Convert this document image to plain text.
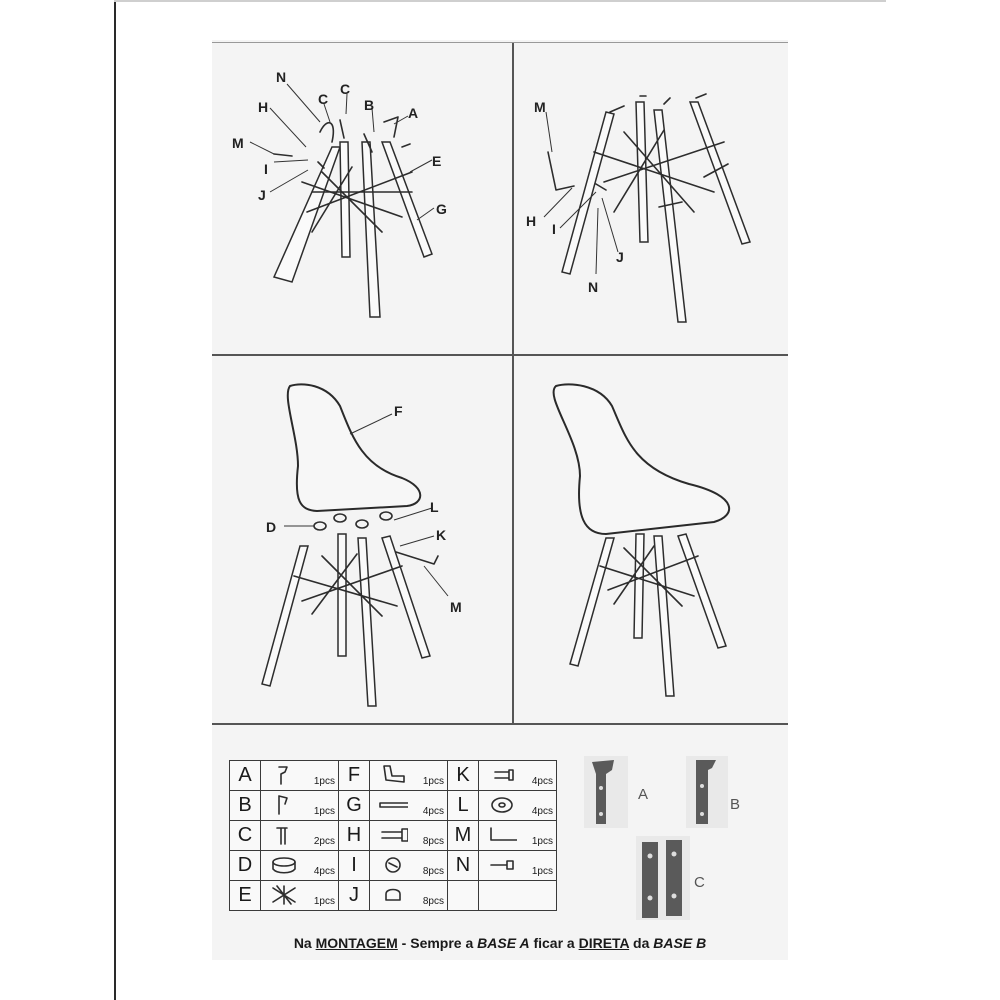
N
C
C
B A
H
M
I
J
E
G
M
H I
J
N
F
D
L
K
M
A	1pcs	F	1pcs	K	4pcs

B	1pcs	G	4pcs	L	4pcs

C	2pcs	H	8pcs	M	1pcs

D	4pcs	I	8pcs	N	1pcs

E	1pcs	J	8pcs		

A
B
C
Na MONTAGEM - Sempre a BASE A ficar a DIRETA da BASE B
